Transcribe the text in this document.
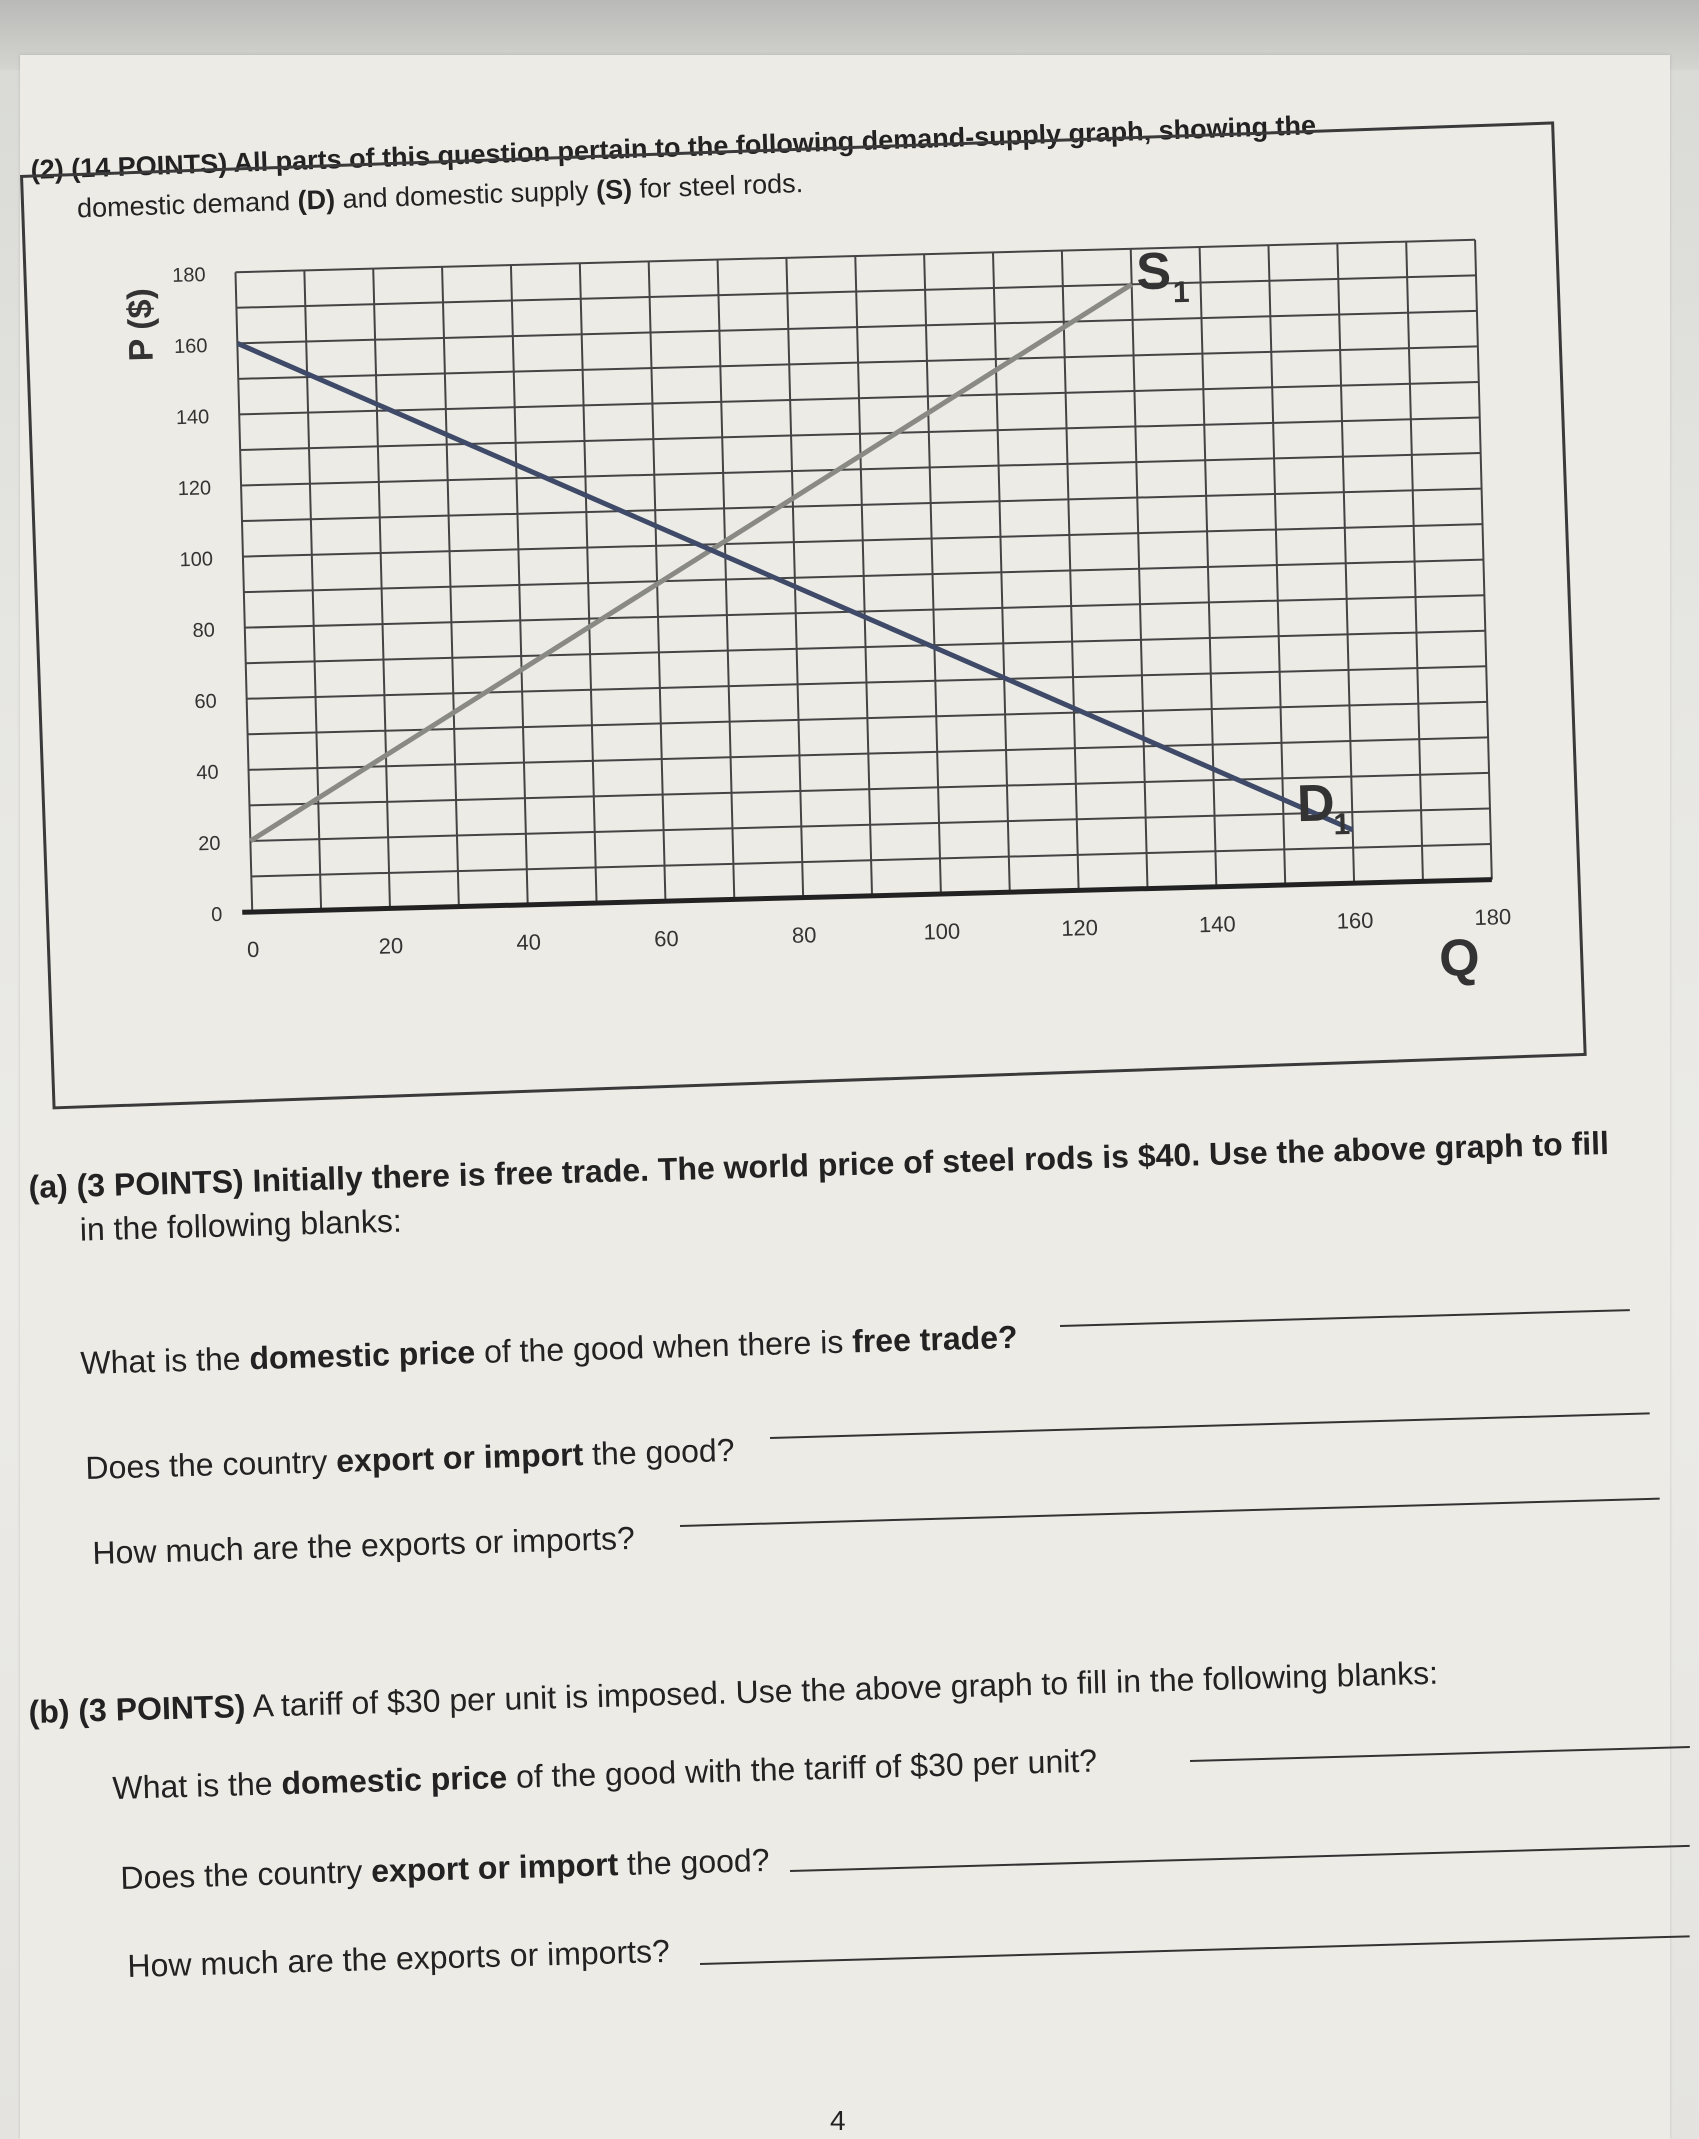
(2) (14 POINTS) All parts of this question pertain to the following demand-supply graph, showing the
domestic demand (D) and domestic supply (S) for steel rods.
0
20
40
60
80
100
120
140
160
180
0	20	40	60	80	100	120	140	160	180
S 1
D
1
P ($)
Q
(a) (3 POINTS) Initially there is free trade. The world price of steel rods is $40. Use the above graph to fill
in the following blanks:
What is the domestic price of the good when there is free trade?
Does the country export or import the good?
How much are the exports or imports?
(b) (3 POINTS) A tariff of $30 per unit is imposed. Use the above graph to fill in the following blanks:
What is the domestic price of the good with the tariff of $30 per unit?
Does the country export or import the good?
How much are the exports or imports?
4
